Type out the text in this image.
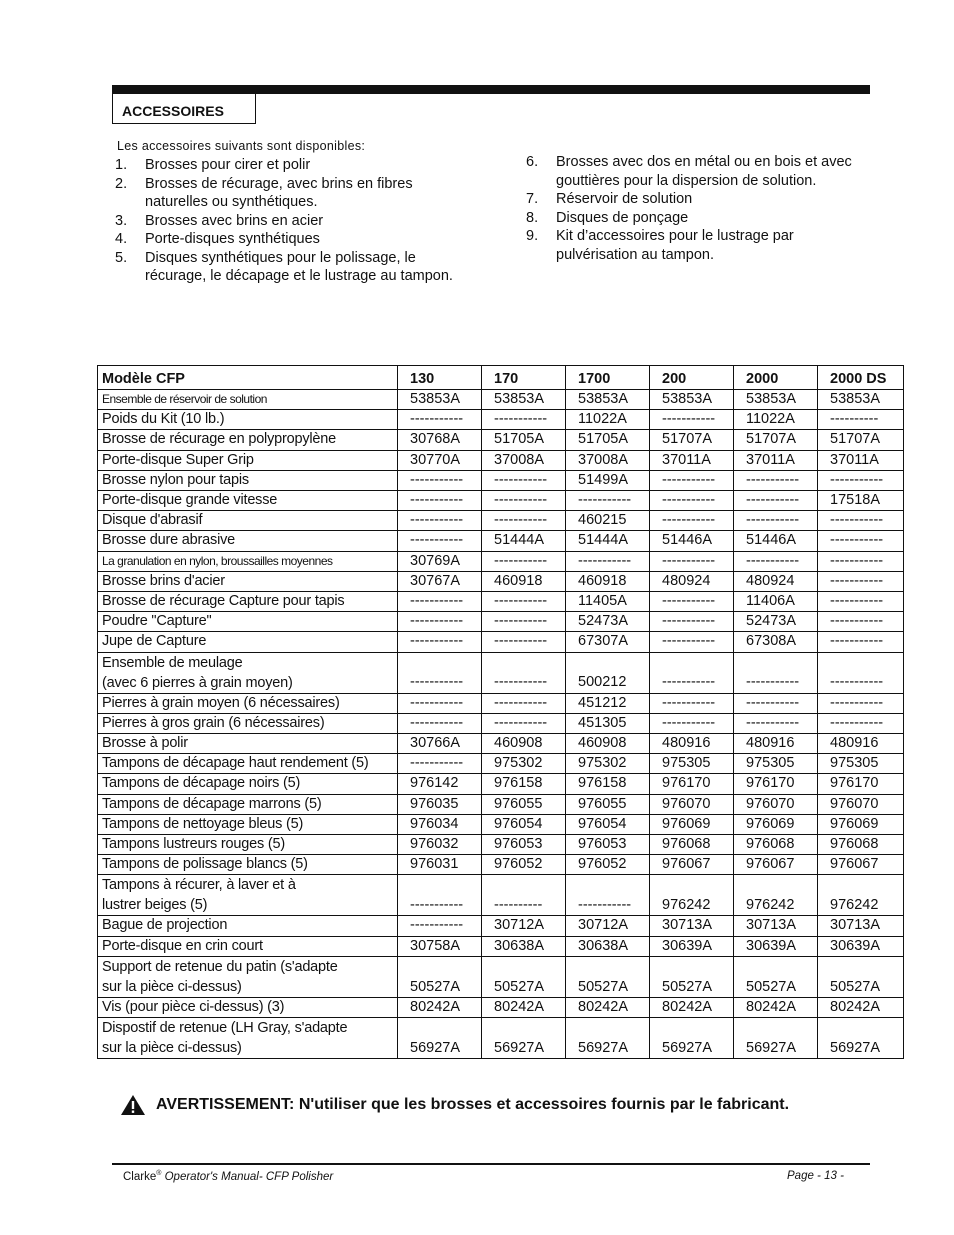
ACCESSOIRES
Les accessoires suivants sont disponibles:
1. Brosses pour cirer et polir
2. Brosses de récurage, avec brins en fibres
naturelles ou synthétiques.
3. Brosses avec brins en acier
4. Porte-disques synthétiques
5. Disques synthétiques pour le polissage, le
récurage, le décapage et le lustrage au tampon.
6. Brosses avec dos en métal ou en bois et avec
gouttières pour la dispersion de solution.
7. Réservoir de solution
8. Disques de ponçage
9. Kit d’accessoires pour le lustrage par
pulvérisation au tampon.
Modèle CFP	130	170	1700	200	2000	2000 DS
Ensemble de réservoir de solution	53853A	53853A	53853A	53853A	53853A	53853A
Poids du Kit (10 lb.)	-----------	-----------	11022A	-----------	11022A	----------
Brosse de récurage en polypropylène	30768A	51705A	51705A	51707A	51707A	51707A
Porte-disque Super Grip	30770A	37008A	37008A	37011A	37011A	37011A
Brosse nylon pour tapis	-----------	-----------	51499A	-----------	-----------	-----------
Porte-disque grande vitesse	-----------	-----------	-----------	-----------	-----------	17518A
Disque d'abrasif	-----------	-----------	460215	-----------	-----------	-----------
Brosse dure abrasive	-----------	51444A	51444A	51446A	51446A	-----------
La granulation en nylon, broussailles moyennes	30769A	-----------	-----------	-----------	-----------	-----------
Brosse brins d'acier	30767A	460918	460918	480924	480924	-----------
Brosse de récurage Capture pour tapis	-----------	-----------	11405A	-----------	11406A	-----------
Poudre "Capture"	-----------	-----------	52473A	-----------	52473A	-----------
Jupe de Capture	-----------	-----------	67307A	-----------	67308A	-----------

Ensemble de meulage
(avec 6 pierres à grain moyen)	-----------	-----------	500212	-----------	-----------	-----------
Pierres à grain moyen (6 nécessaires)	-----------	-----------	451212	-----------	-----------	-----------
Pierres à gros grain (6 nécessaires)	-----------	-----------	451305	-----------	-----------	-----------
Brosse à polir	30766A	460908	460908	480916	480916	480916
Tampons de décapage haut rendement (5)	-----------	975302	975302	975305	975305	975305
Tampons de décapage noirs (5)	976142	976158	976158	976170	976170	976170
Tampons de décapage marrons (5)	976035	976055	976055	976070	976070	976070
Tampons de nettoyage bleus (5)	976034	976054	976054	976069	976069	976069
Tampons lustreurs rouges (5)	976032	976053	976053	976068	976068	976068
Tampons de polissage blancs (5)	976031	976052	976052	976067	976067	976067

Tampons à récurer, à laver et à
lustrer beiges (5)	-----------	----------	-----------	976242	976242	976242
Bague de projection	-----------	30712A	30712A	30713A	30713A	30713A
Porte-disque en crin court	30758A	30638A	30638A	30639A	30639A	30639A

Support de retenue du patin (s'adapte
sur la pièce ci-dessus)	50527A	50527A	50527A	50527A	50527A	50527A
Vis (pour pièce ci-dessus) (3)	80242A	80242A	80242A	80242A	80242A	80242A

Dispostif de retenue (LH Gray, s'adapte
sur la pièce ci-dessus)	56927A	56927A	56927A	56927A	56927A	56927A
AVERTISSEMENT: N'utiliser que les brosses et accessoires fournis par le fabricant.
Clarke® Operator's Manual- CFP Polisher	Page - 13 -
